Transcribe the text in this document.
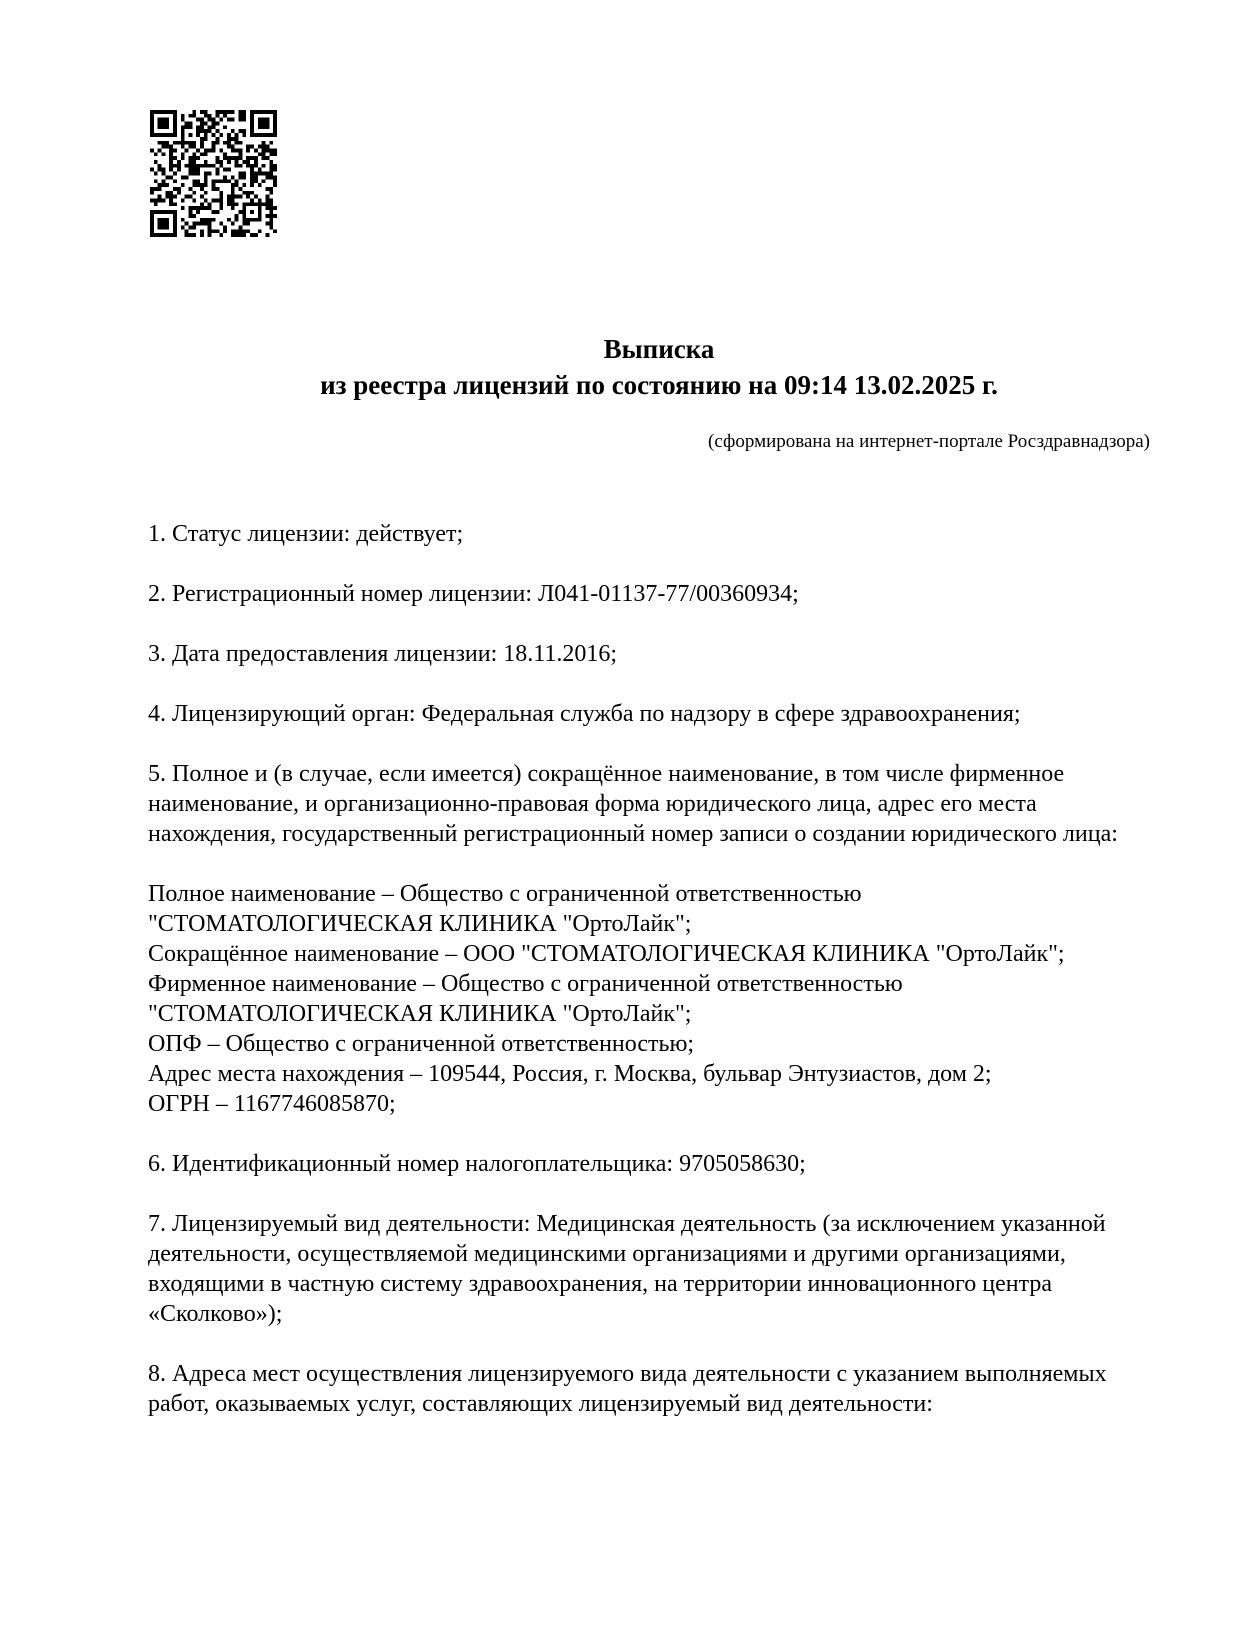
Выписка
из реестра лицензий по состоянию на 09:14 13.02.2025 г.
(сформирована на интернет-портале Росздравнадзора)
1. Статус лицензии: действует;
2. Регистрационный номер лицензии: Л041-01137-77/00360934;
3. Дата предоставления лицензии: 18.11.2016;
4. Лицензирующий орган: Федеральная служба по надзору в сфере здравоохранения;
5. Полное и (в случае, если имеется) сокращённое наименование, в том числе фирменное
наименование, и организационно-правовая форма юридического лица, адрес его места
нахождения, государственный регистрационный номер записи о создании юридического лица:
Полное наименование – Общество с ограниченной ответственностью
"СТОМАТОЛОГИЧЕСКАЯ КЛИНИКА "ОртоЛайк";
Сокращённое наименование – ООО "СТОМАТОЛОГИЧЕСКАЯ КЛИНИКА "ОртоЛайк";
Фирменное наименование – Общество с ограниченной ответственностью
"СТОМАТОЛОГИЧЕСКАЯ КЛИНИКА "ОртоЛайк";
ОПФ – Общество с ограниченной ответственностью;
Адрес места нахождения – 109544, Россия, г. Москва, бульвар Энтузиастов, дом 2;
ОГРН – 1167746085870;
6. Идентификационный номер налогоплательщика: 9705058630;
7. Лицензируемый вид деятельности: Медицинская деятельность (за исключением указанной
деятельности, осуществляемой медицинскими организациями и другими организациями,
входящими в частную систему здравоохранения, на территории инновационного центра
«Сколково»);
8. Адреса мест осуществления лицензируемого вида деятельности с указанием выполняемых
работ, оказываемых услуг, составляющих лицензируемый вид деятельности:
